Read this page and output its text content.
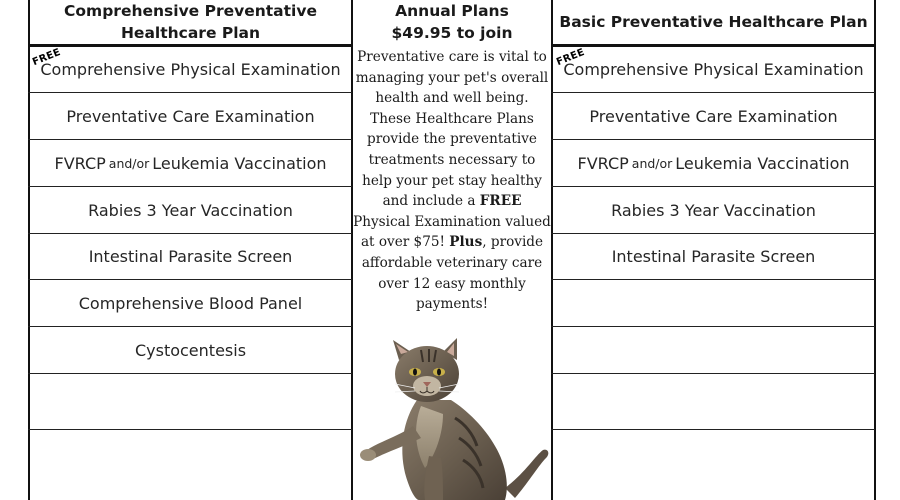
Comprehensive Preventative Healthcare Plan
Annual Plans
$49.95 to join
Basic Preventative Healthcare Plan
Comprehensive Physical Examination
Preventative Care Examination
FVRCP and/or Leukemia Vaccination
Rabies 3 Year Vaccination
Intestinal Parasite Screen
Comprehensive Blood Panel
Cystocentesis
Comprehensive Physical Examination
Preventative Care Examination
FVRCP and/or Leukemia Vaccination
Rabies 3 Year Vaccination
Intestinal Parasite Screen
FREE	FREE
Preventative care is vital to managing your pet's overall health and well being. These Healthcare Plans provide the preventative treatments necessary to help your pet stay healthy and include a FREE Physical Examination valued at over $75! Plus, provide affordable veterinary care over 12 easy monthly payments!
